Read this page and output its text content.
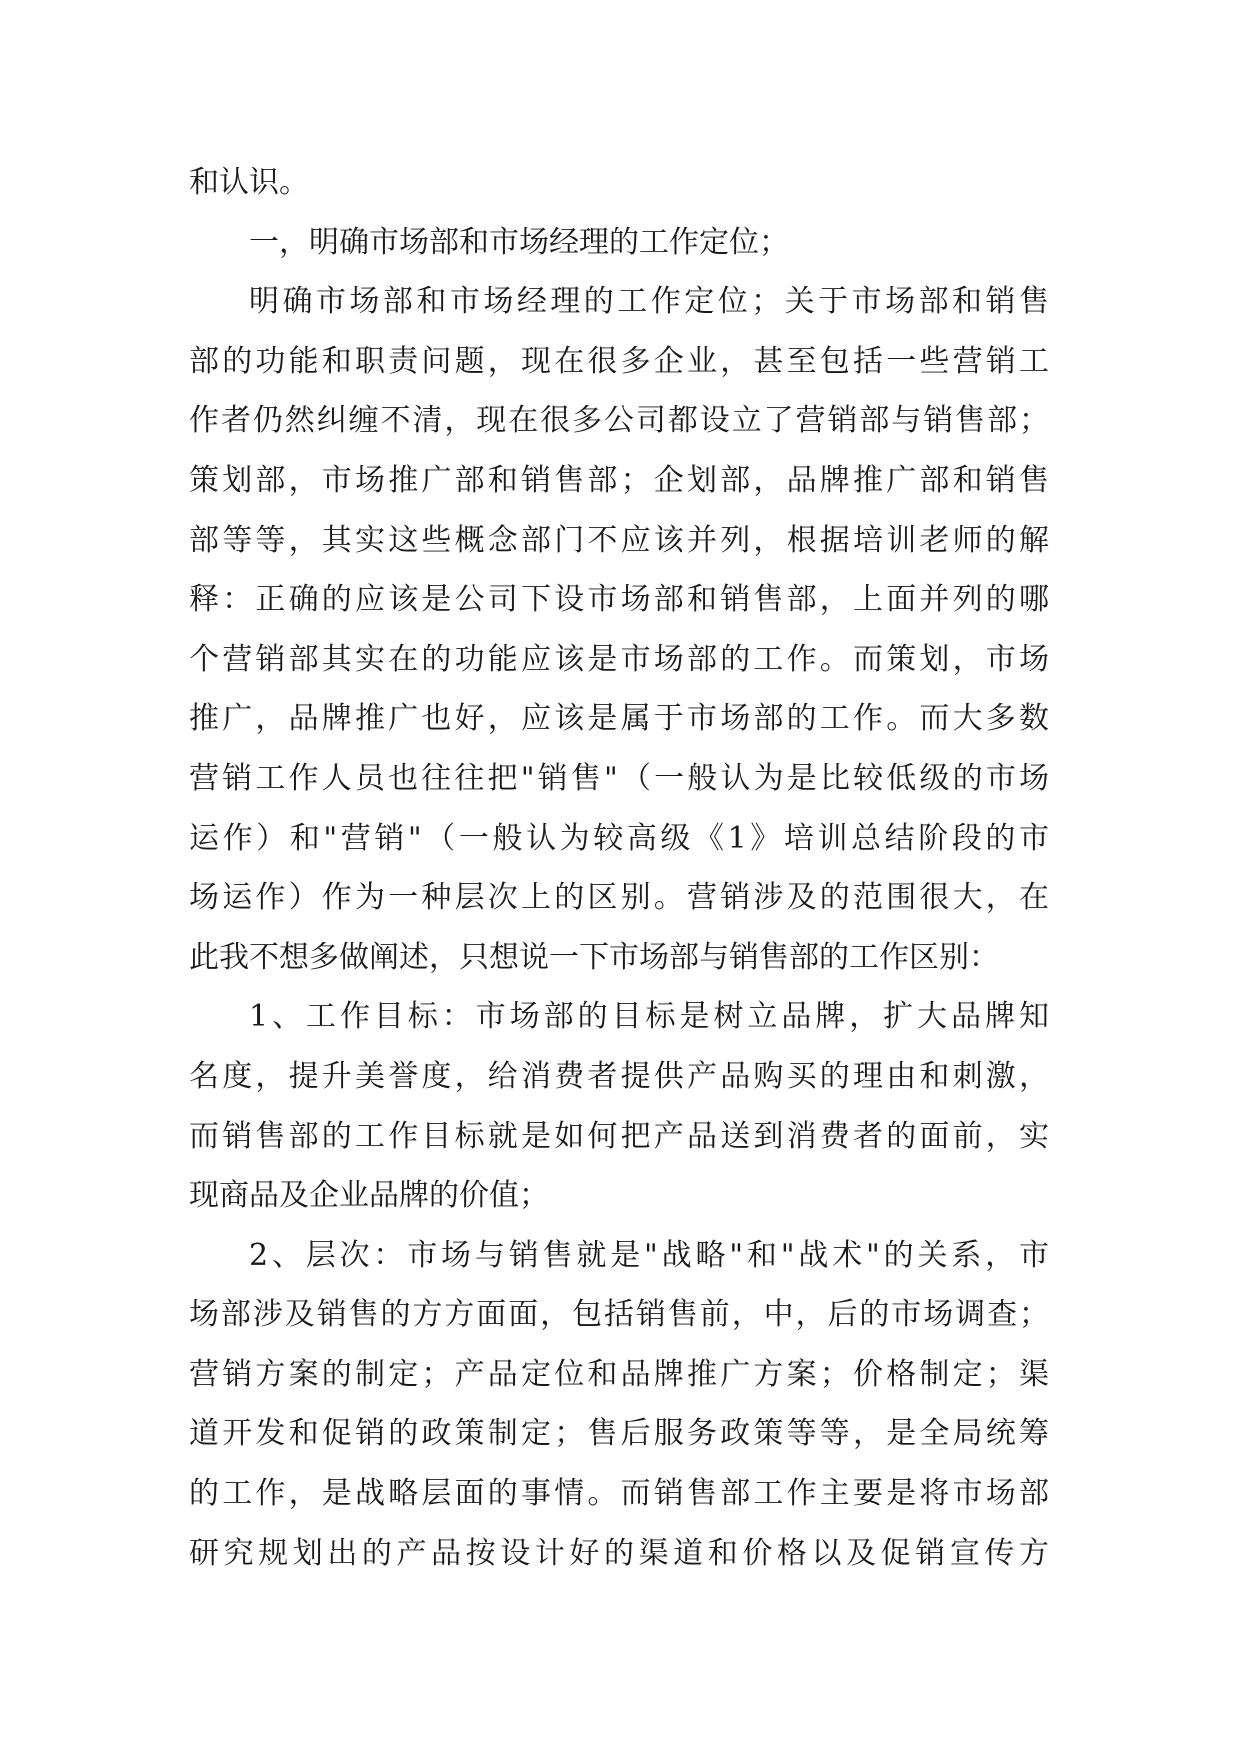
和认识。
一，明确市场部和市场经理的工作定位；
明确市场部和市场经理的工作定位；关于市场部和销售
部的功能和职责问题，现在很多企业，甚至包括一些营销工
作者仍然纠缠不清，现在很多公司都设立了营销部与销售部；
策划部，市场推广部和销售部；企划部，品牌推广部和销售
部等等，其实这些概念部门不应该并列，根据培训老师的解
释：正确的应该是公司下设市场部和销售部，上面并列的哪
个营销部其实在的功能应该是市场部的工作。而策划，市场
推广，品牌推广也好，应该是属于市场部的工作。而大多数
营销工作人员也往往把"销售"（一般认为是比较低级的市场
运作）和"营销"（一般认为较高级《1》培训总结阶段的市
场运作）作为一种层次上的区别。营销涉及的范围很大，在
此我不想多做阐述，只想说一下市场部与销售部的工作区别：
1、工作目标：市场部的目标是树立品牌，扩大品牌知
名度，提升美誉度，给消费者提供产品购买的理由和刺激，
而销售部的工作目标就是如何把产品送到消费者的面前，实
现商品及企业品牌的价值；
2、层次：市场与销售就是"战略"和"战术"的关系，市
场部涉及销售的方方面面，包括销售前，中，后的市场调查；
营销方案的制定；产品定位和品牌推广方案；价格制定；渠
道开发和促销的政策制定；售后服务政策等等，是全局统筹
的工作，是战略层面的事情。而销售部工作主要是将市场部
研究规划出的产品按设计好的渠道和价格以及促销宣传方
